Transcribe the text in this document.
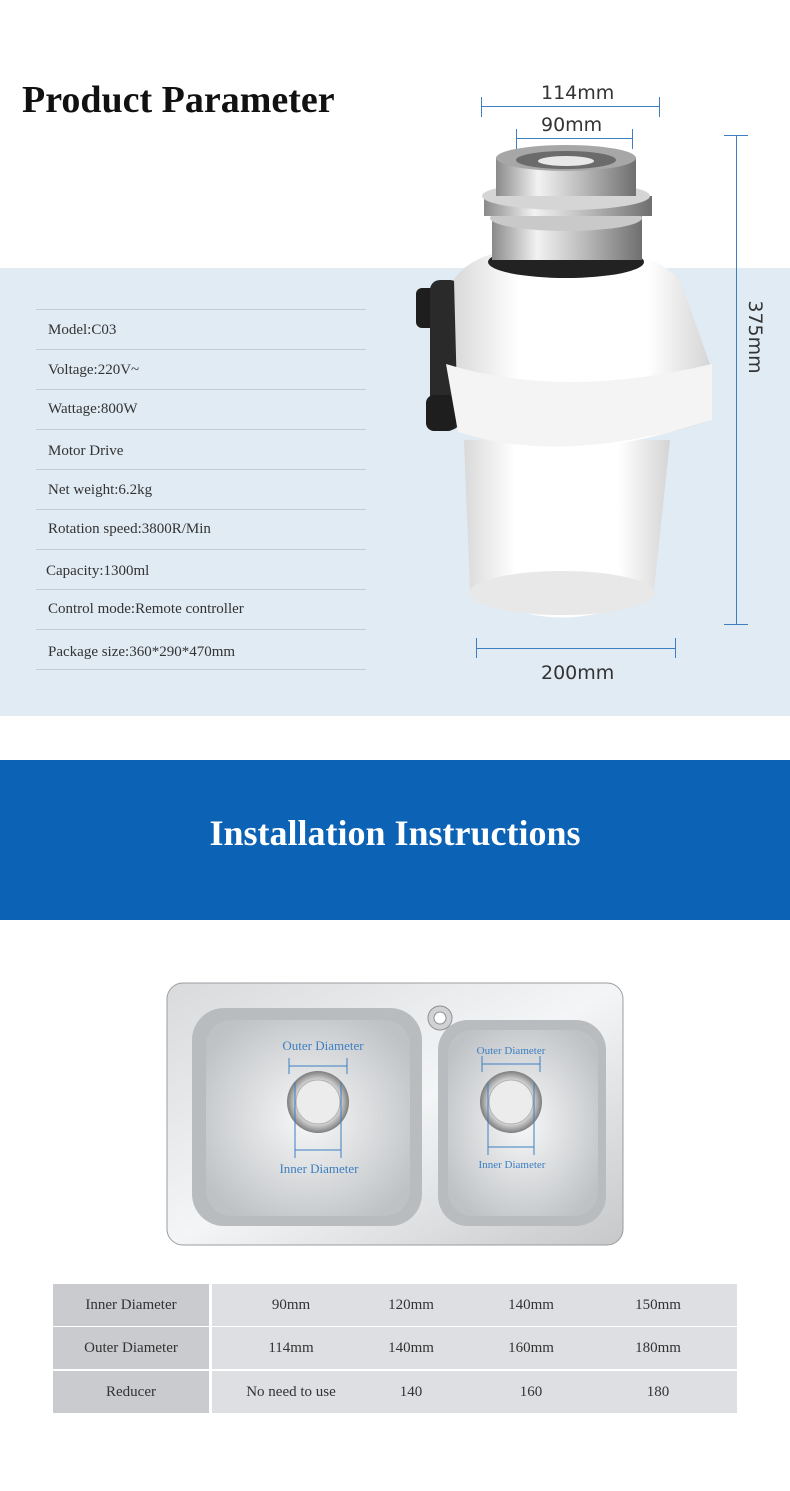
Product Parameter
Model:C03
Voltage:220V~
Wattage:800W
Motor Drive
Net weight:6.2kg
Rotation speed:3800R/Min
Capacity:1300ml
Control mode:Remote controller
Package size:360*290*470mm
114mm
90mm
375mm
200mm
Installation Instructions
Outer Diameter
Inner Diameter
Outer Diameter
Inner Diameter
Inner Diameter	90mm	120mm	140mm	150mm
Outer Diameter	114mm	140mm	160mm	180mm
Reducer	No need to use	140	160	180
